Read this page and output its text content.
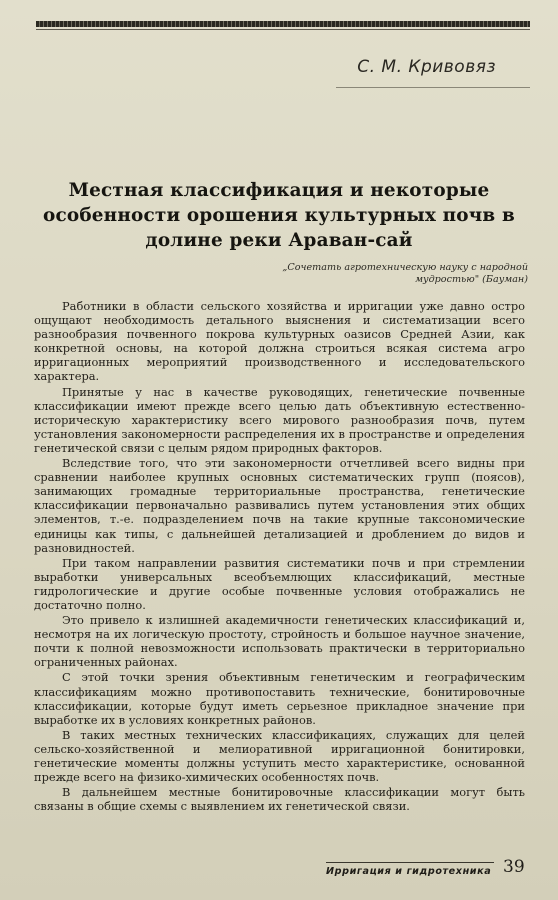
С. М. Кривовяз
Местная классификация и некоторые особенности орошения культурных почв в долине реки Араван-сай

„Сочетать агротехническую науку с народной мудростью" (Бауман)

Работники в области сельского хозяйства и ирригации уже давно остро ощущают необходимость детального выяснения и систематизации всего разнообразия почвенного покрова культурных оазисов Средней Азии, как конкретной основы, на которой должна строиться всякая система агро ирригационных мероприятий производственного и исследовательского характера.

Принятые у нас в качестве руководящих, генетические почвенные классификации имеют прежде всего целью дать объективную естественно-историческую характеристику всего мирового разнообразия почв, путем установления закономерности распределения их в пространстве и определения генетической связи с целым рядом природных факторов.

Вследствие того, что эти закономерности отчетливей всего видны при сравнении наиболее крупных основных систематических групп (поясов), занимающих громадные территориальные пространства, генетические классификации первоначально развивались путем установления этих общих элементов, т.-е. подразделением почв на такие крупные таксономические единицы как типы, с дальнейшей детализацией и дроблением до видов и разновидностей.

При таком направлении развития систематики почв и при стремлении выработки универсальных всеобъемлющих классификаций, местные гидрологические и другие особые почвенные условия отображались не достаточно полно.

Это привело к излишней академичности генетических классификаций и, несмотря на их логическую простоту, стройность и большое научное значение, почти к полной невозможности использовать практически в территориально ограниченных районах.

С этой точки зрения объективным генетическим и географическим классификациям можно противопоставить технические, бонитировочные классификации, которые будут иметь серьезное прикладное значение при выработке их в условиях конкретных районов.

В таких местных технических классификациях, служащих для целей сельско-хозяйственной и мелиоративной ирригационной бонитировки, генетические моменты должны уступить место характеристике, основанной прежде всего на физико-химических особенностях почв.

В дальнейшем местные бонитировочные классификации могут быть связаны в общие схемы с выявлением их генетической связи.

Ирригация и гидротехника 39
